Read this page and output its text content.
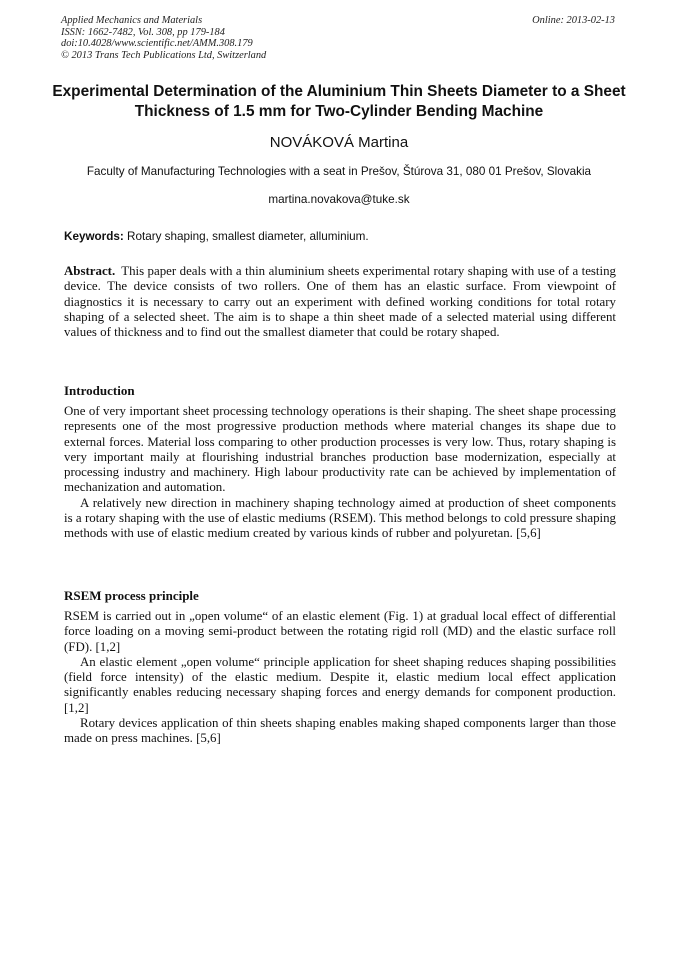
Applied Mechanics and Materials
ISSN: 1662-7482, Vol. 308, pp 179-184
doi:10.4028/www.scientific.net/AMM.308.179
© 2013 Trans Tech Publications Ltd, Switzerland
Online: 2013-02-13
Experimental Determination of the Aluminium Thin Sheets Diameter to a Sheet Thickness of 1.5 mm for Two-Cylinder Bending Machine
NOVÁKOVÁ Martina
Faculty of Manufacturing Technologies with a seat in Prešov, Štúrova 31, 080 01 Prešov, Slovakia
martina.novakova@tuke.sk
Keywords: Rotary shaping, smallest diameter, alluminium.

Abstract. This paper deals with a thin aluminium sheets experimental rotary shaping with use of a testing device. The device consists of two rollers. One of them has an elastic surface. From viewpoint of diagnostics it is necessary to carry out an experiment with defined working conditions for total rotary shaping of a selected sheet. The aim is to shape a thin sheet made of a selected material using different values of thickness and to find out the smallest diameter that could be rotary shaped.

Introduction

One of very important sheet processing technology operations is their shaping. The sheet shape processing represents one of the most progressive production methods where material changes its shape due to external forces. Material loss comparing to other production processes is very low. Thus, rotary shaping is very important maily at flourishing industrial branches production base modernization, especially at processing industry and machinery. High labour productivity rate can be achieved by implementation of mechanization and automation.

A relatively new direction in machinery shaping technology aimed at production of sheet components is a rotary shaping with the use of elastic mediums (RSEM). This method belongs to cold pressure shaping methods with use of elastic medium created by various kinds of rubber and polyuretan. [5,6]

RSEM process principle

RSEM is carried out in „open volume“ of an elastic element (Fig. 1) at gradual local effect of differential force loading on a moving semi-product between the rotating rigid roll (MD) and the elastic surface roll (FD). [1,2]

An elastic element „open volume“ principle application for sheet shaping reduces shaping possibilities (field force intensity) of the elastic medium. Despite it, elastic medium local effect application significantly enables reducing necessary shaping forces and energy demands for component production. [1,2]

Rotary devices application of thin sheets shaping enables making shaped components larger than those made on press machines. [5,6]
